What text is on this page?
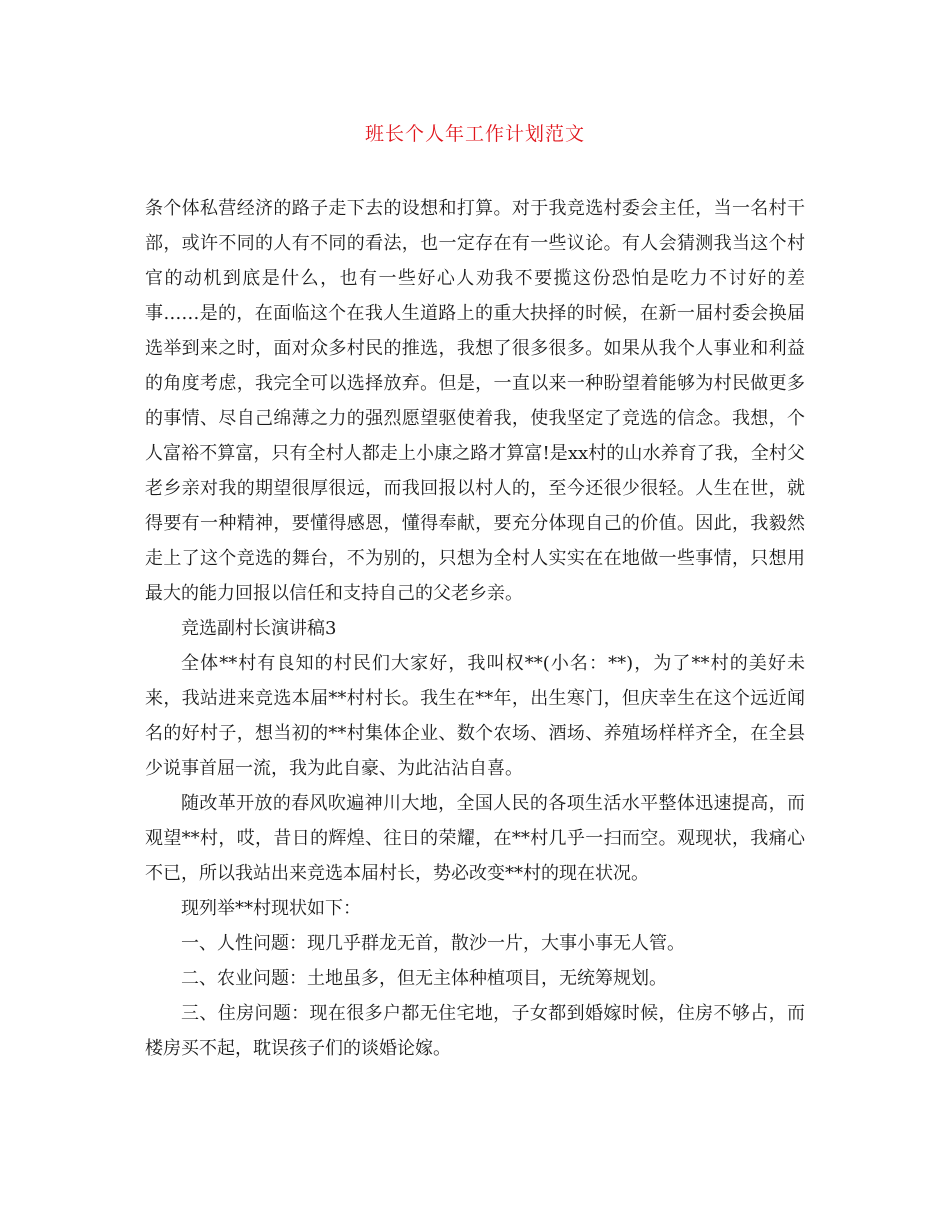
班长个人年工作计划范文

条个体私营经济的路子走下去的设想和打算。对于我竞选村委会主任，当一名村干部，或许不同的人有不同的看法，也一定存在有一些议论。有人会猜测我当这个村官的动机到底是什么，也有一些好心人劝我不要揽这份恐怕是吃力不讨好的差事……是的，在面临这个在我人生道路上的重大抉择的时候，在新一届村委会换届选举到来之时，面对众多村民的推选，我想了很多很多。如果从我个人事业和利益的角度考虑，我完全可以选择放弃。但是，一直以来一种盼望着能够为村民做更多的事情、尽自己绵薄之力的强烈愿望驱使着我，使我坚定了竞选的信念。我想，个人富裕不算富，只有全村人都走上小康之路才算富!是xx村的山水养育了我，全村父老乡亲对我的期望很厚很远，而我回报以村人的，至今还很少很轻。人生在世，就得要有一种精神，要懂得感恩，懂得奉献，要充分体现自己的价值。因此，我毅然走上了这个竞选的舞台，不为别的，只想为全村人实实在在地做一些事情，只想用最大的能力回报以信任和支持自己的父老乡亲。

竞选副村长演讲稿3

全体**村有良知的村民们大家好，我叫权**(小名：**)，为了**村的美好未来，我站进来竞选本届**村村长。我生在**年，出生寒门，但庆幸生在这个远近闻名的好村子，想当初的**村集体企业、数个农场、酒场、养殖场样样齐全，在全县少说事首屈一流，我为此自豪、为此沾沾自喜。

随改革开放的春风吹遍神川大地，全国人民的各项生活水平整体迅速提高，而观望**村，哎，昔日的辉煌、往日的荣耀，在**村几乎一扫而空。观现状，我痛心不已，所以我站出来竞选本届村长，势必改变**村的现在状况。

现列举**村现状如下：

一、人性问题：现几乎群龙无首，散沙一片，大事小事无人管。

二、农业问题：土地虽多，但无主体种植项目，无统筹规划。

三、住房问题：现在很多户都无住宅地，子女都到婚嫁时候，住房不够占，而楼房买不起，耽误孩子们的谈婚论嫁。
